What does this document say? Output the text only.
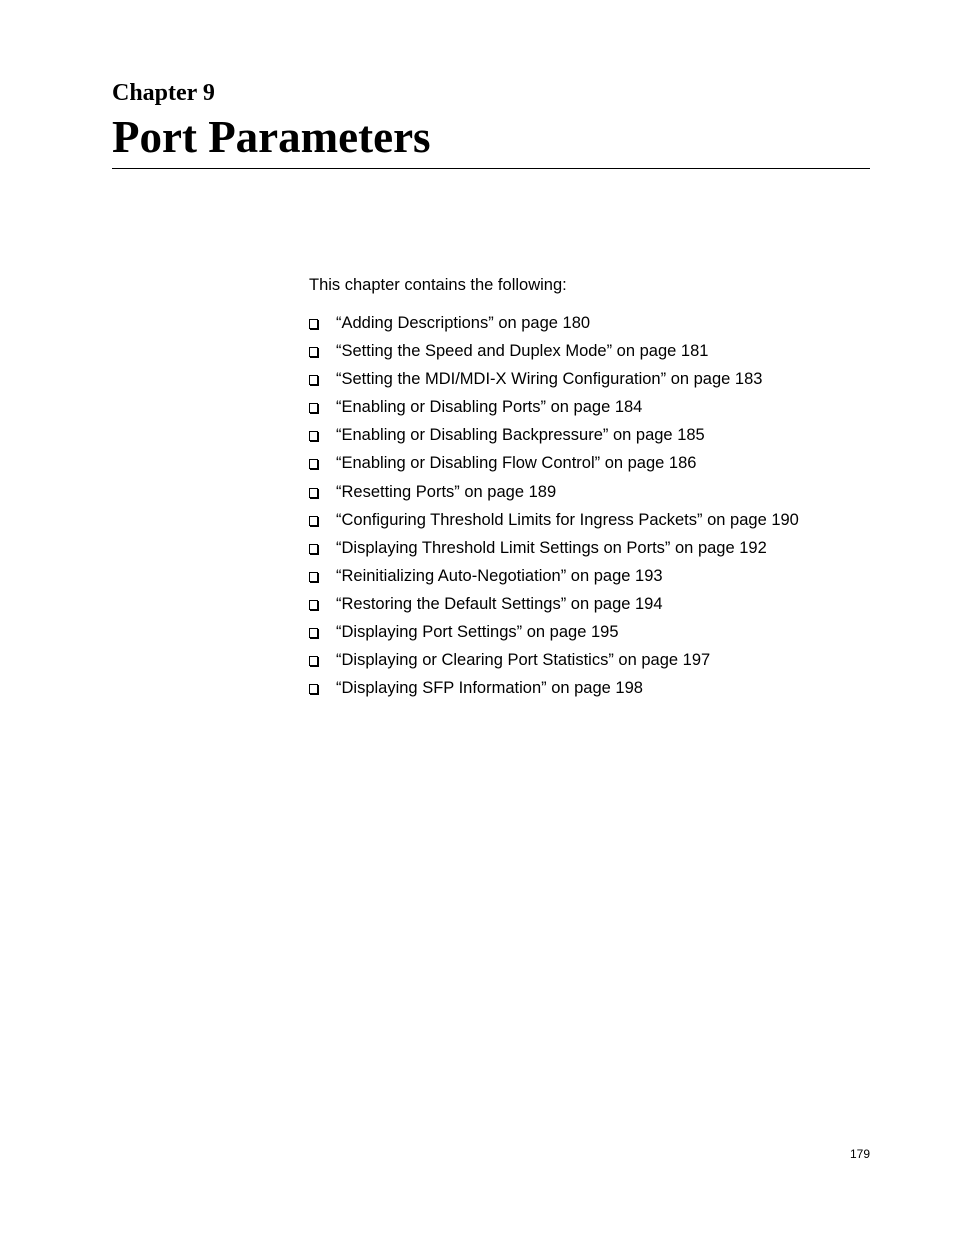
Chapter 9
Port Parameters

This chapter contains the following:

“Adding Descriptions” on page 180
“Setting the Speed and Duplex Mode” on page 181
“Setting the MDI/MDI-X Wiring Configuration” on page 183
“Enabling or Disabling Ports” on page 184
“Enabling or Disabling Backpressure” on page 185
“Enabling or Disabling Flow Control” on page 186
“Resetting Ports” on page 189
“Configuring Threshold Limits for Ingress Packets” on page 190
“Displaying Threshold Limit Settings on Ports” on page 192
“Reinitializing Auto-Negotiation” on page 193
“Restoring the Default Settings” on page 194
“Displaying Port Settings” on page 195
“Displaying or Clearing Port Statistics” on page 197
“Displaying SFP Information” on page 198

179
